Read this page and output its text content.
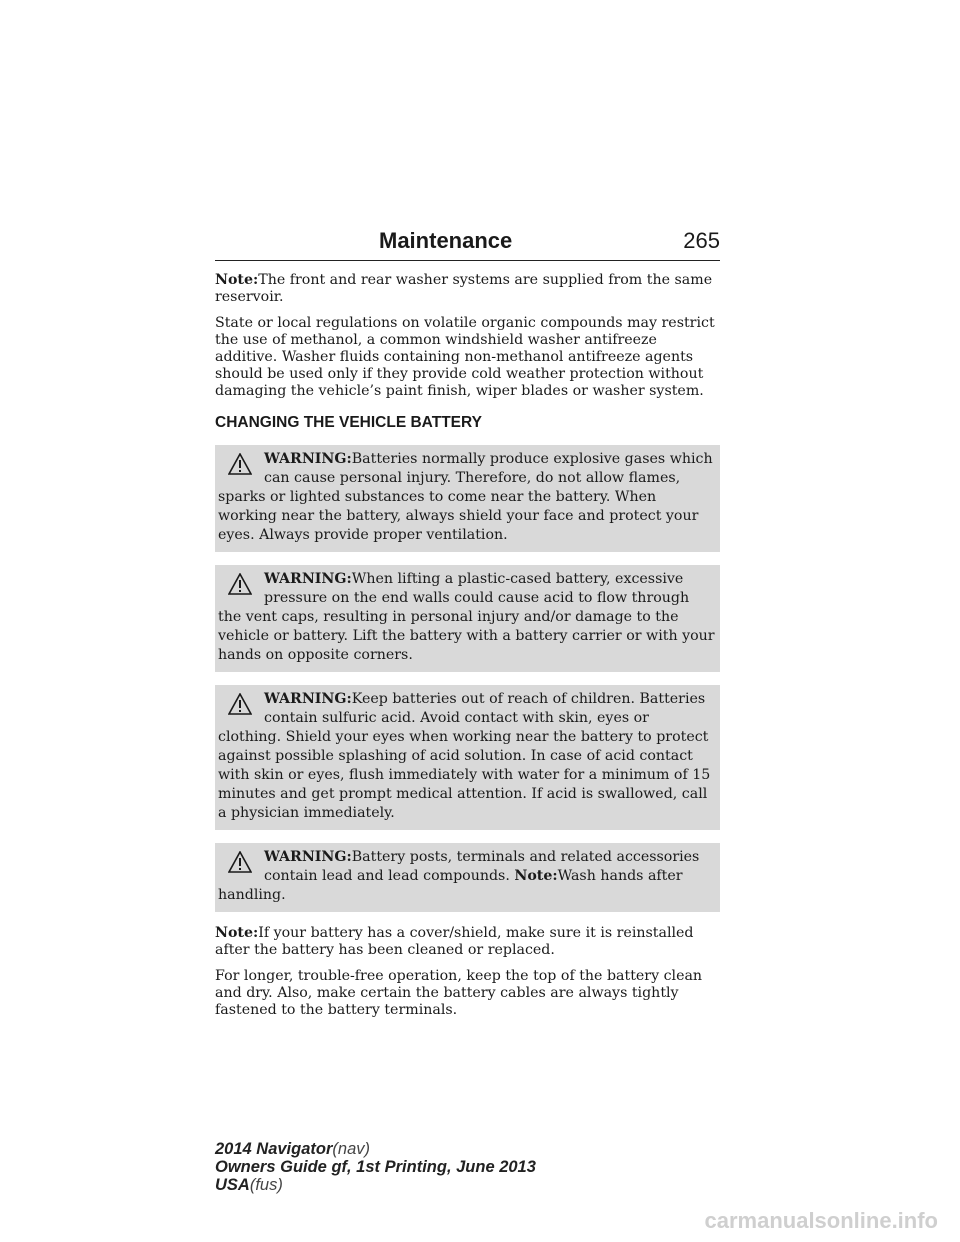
Maintenance	265

Note:The front and rear washer systems are supplied from the same reservoir.

State or local regulations on volatile organic compounds may restrict the use of methanol, a common windshield washer antifreeze additive. Washer fluids containing non-methanol antifreeze agents should be used only if they provide cold weather protection without damaging the vehicle’s paint finish, wiper blades or washer system.

CHANGING THE VEHICLE BATTERY
WARNING:Batteries normally produce explosive gases which can cause personal injury. Therefore, do not allow flames, sparks or lighted substances to come near the battery. When working near the battery, always shield your face and protect your eyes. Always provide proper ventilation.
WARNING:When lifting a plastic-cased battery, excessive pressure on the end walls could cause acid to flow through the vent caps, resulting in personal injury and/or damage to the vehicle or battery. Lift the battery with a battery carrier or with your hands on opposite corners.
WARNING:Keep batteries out of reach of children. Batteries contain sulfuric acid. Avoid contact with skin, eyes or clothing. Shield your eyes when working near the battery to protect against possible splashing of acid solution. In case of acid contact with skin or eyes, flush immediately with water for a minimum of 15 minutes and get prompt medical attention. If acid is swallowed, call a physician immediately.
WARNING:Battery posts, terminals and related accessories contain lead and lead compounds. Note:Wash hands after handling.

Note:If your battery has a cover/shield, make sure it is reinstalled after the battery has been cleaned or replaced.

For longer, trouble-free operation, keep the top of the battery clean and dry. Also, make certain the battery cables are always tightly fastened to the battery terminals.

2014 Navigator(nav)
Owners Guide gf, 1st Printing, June 2013
USA(fus)
carmanualsonline.info
